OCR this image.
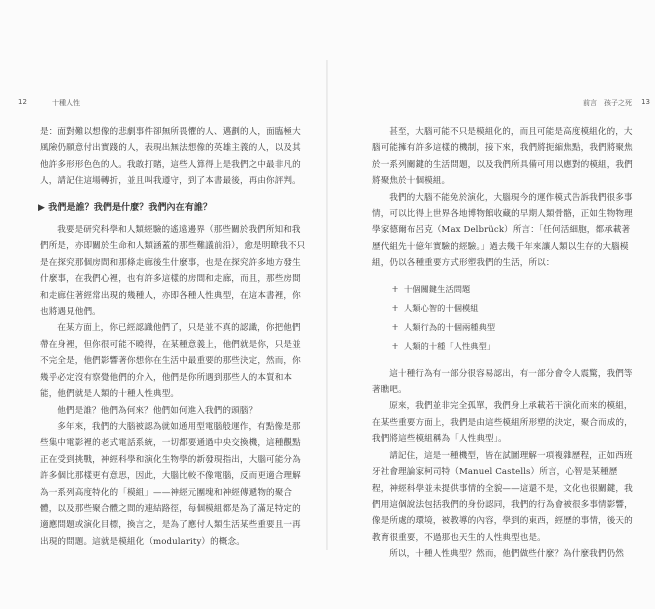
12	十種人性

是：面對難以想像的悲劇事件卻無所畏懼的人、邁劃的人，面臨極大風險仍願意付出實踐的人，表現出無法想像的英雄主義的人，以及其他許多形形色色的人。我敢打賭，這些人算得上是我們之中最非凡的人，請記住這場轉折，並且叫我遵守，到了本書最後，再由你評判。

▶ 我們是誰？我們是什麼？我們內在有誰？

我要是研究科學和人類經驗的遙遠邊界（那些關於我們所知和我們所是，亦即關於生命和人類涵蓋的那些難議前沿），愈是明瞭我不只是在探究那個房間和那條走廊後生什麼事，也是在探究許多地方發生什麼事，在我們心裡，也有許多這樣的房間和走廊，而且，那些房間和走廊住著經常出現的幾種人，亦即各種人性典型，在這本書裡，你也將遇見他們。

在某方面上，你已經認識他們了，只是並不真的認識，你把他們帶在身裡，但你很可能不曉得，在某種意義上，他們就是你，只是並不完全是，他們影響著你想你在生活中最重要的那些決定，然而，你幾乎必定沒有察覺他們的介入，他們是你所遇到那些人的本質和本能，他們就是人類的十種人性典型。

他們是誰？他們為何來？他們如何進入我們的頭腦？

多年來，我們的大腦被認為就如通用型電腦般運作，有點像是那些集中電影裡的老式電話系統，一切都要通過中央交換機，這種觀點正在受到挑戰，神經科學和演化生物學的新發現指出，大腦可能分為許多個比那樣更有意思，因此，大腦比較不像電腦，反而更適合理解為一系列高度特化的「模組」——神經元團塊和神經傳遞物的聚合體，以及那些聚合體之間的連結路徑，每個模組都是為了滿足特定的適應問題或演化目標，換言之，是為了應付人類生活某些重要且一再出現的問題。這就是模組化（modularity）的概念。

前言　孩子之死 13

甚至，大腦可能不只是模組化的，而且可能是高度模組化的，大腦可能擁有許多這樣的機制，接下來，我們將扼縮焦點，我們將聚焦於一系列關鍵的生活問題，以及我們所具備可用以應對的模組，我們將聚焦於十個模組。

我們的大腦不能免於演化，大腦現今的運作模式告訴我們很多事情，可以比得上世界各地博物館收藏的早期人類骨骼，正如生物物理學家德爾布呂克（Max Delbrück）所言：「任何活細胞，都承載著歷代組先十億年實驗的經驗。」過去幾千年來讓人類以生存的大腦模組，仍以各種重要方式形塑我們的生活，所以：

ⵜ 十個關鍵生活問題
ⵜ 人類心智的十個模組
ⵜ 人類行為的十個兩種典型
ⵜ 人類的十種「人性典型」

這十種行為有一部分很容易認出，有一部分會令人震驚，我們等著瞧吧。

原來，我們並非完全孤單，我們身上承載若干演化而來的模組，在某些重要方面上，我們是由這些模組所形塑的決定，聚合而成的，我們將這些模組稱為「人性典型」。

請記住，這是一種機型，皆在試圖理解一項複雜歷程，正如西班牙社會理論家柯司特（Manuel Castells）所言，心智是某種歷程，神經科學並未提供事情的全貌——這還不是，文化也很關鍵，我們用這個說法包括我們的身份認同，我們的行為會被很多事情影響，像是所處的環境，被教導的內容，學到的東西，經歷的事情，後天的教育很重要，不過那也天生的人性典型也是。

所以，十種人性典型？然而，他們做些什麼？為什麼我們仍然
